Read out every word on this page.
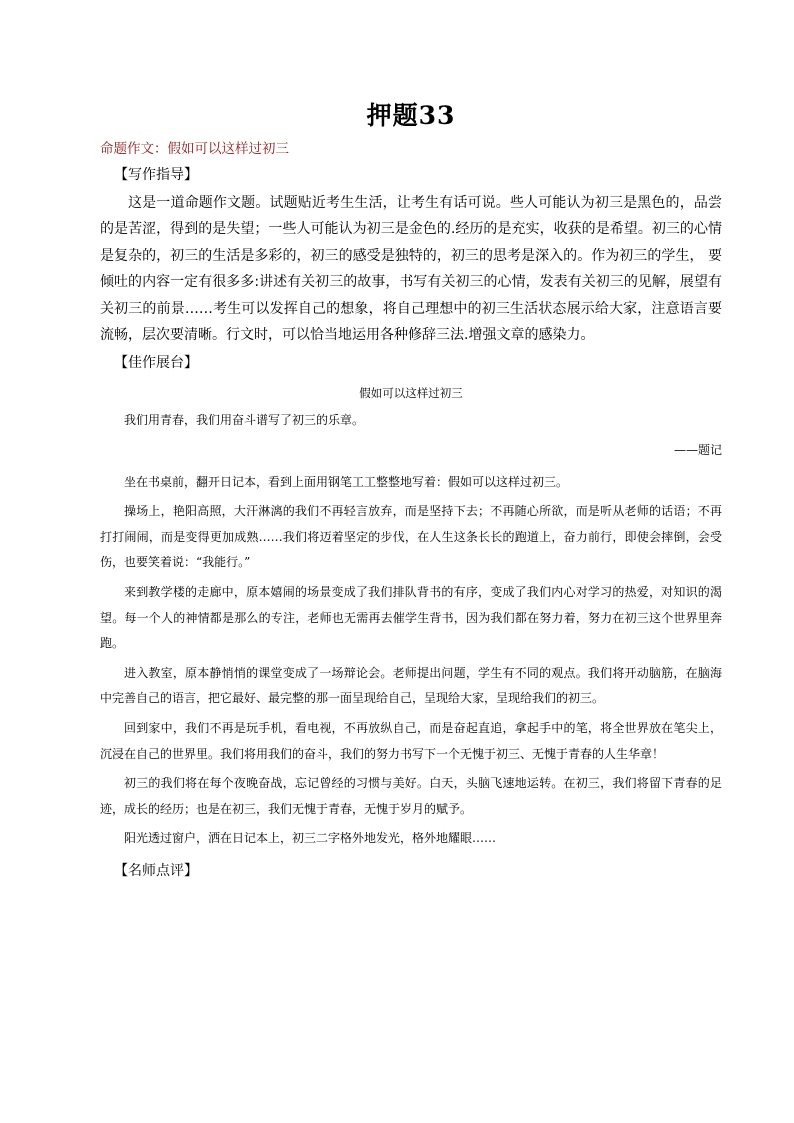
押题33
命题作文：假如可以这样过初三
【写作指导】

这是一道命题作文题。试题贴近考生生活，让考生有话可说。些人可能认为初三是黑色的，品尝的是苦涩，得到的是失望；一些人可能认为初三是金色的.经历的是充实，收获的是希望。初三的心情是复杂的，初三的生活是多彩的，初三的感受是独特的，初三的思考是深入的。作为初三的学生， 要倾吐的内容一定有很多多:讲述有关初三的故事，书写有关初三的心情，发表有关初三的见解，展望有关初三的前景……考生可以发挥自己的想象，将自己理想中的初三生活状态展示给大家，注意语言要流畅，层次要清晰。行文时，可以恰当地运用各种修辞三法.增强文章的感染力。

【佳作展台】
假如可以这样过初三

我们用青春，我们用奋斗谱写了初三的乐章。

——题记

坐在书桌前，翻开日记本，看到上面用钢笔工工整整地写着：假如可以这样过初三。

操场上，艳阳高照，大汗淋漓的我们不再轻言放弃，而是坚持下去；不再随心所欲，而是听从老师的话语；不再打打闹闹，而是变得更加成熟……我们将迈着坚定的步伐，在人生这条长长的跑道上，奋力前行，即使会摔倒，会受伤，也要笑着说：“我能行。”

来到教学楼的走廊中，原本嬉闹的场景变成了我们排队背书的有序，变成了我们内心对学习的热爱，对知识的渴望。每一个人的神情都是那么的专注，老师也无需再去催学生背书，因为我们都在努力着，努力在初三这个世界里奔跑。

进入教室，原本静悄悄的课堂变成了一场辩论会。老师提出问题，学生有不同的观点。我们将开动脑筋，在脑海中完善自己的语言，把它最好、最完整的那一面呈现给自己，呈现给大家，呈现给我们的初三。

回到家中，我们不再是玩手机，看电视，不再放纵自己，而是奋起直追，拿起手中的笔，将全世界放在笔尖上，沉浸在自己的世界里。我们将用我们的奋斗，我们的努力书写下一个无愧于初三、无愧于青春的人生华章！

初三的我们将在每个夜晚奋战，忘记曾经的习惯与美好。白天，头脑飞速地运转。在初三，我们将留下青春的足迹，成长的经历；也是在初三，我们无愧于青春，无愧于岁月的赋予。

阳光透过窗户，洒在日记本上，初三二字格外地发光，格外地耀眼……

【名师点评】
